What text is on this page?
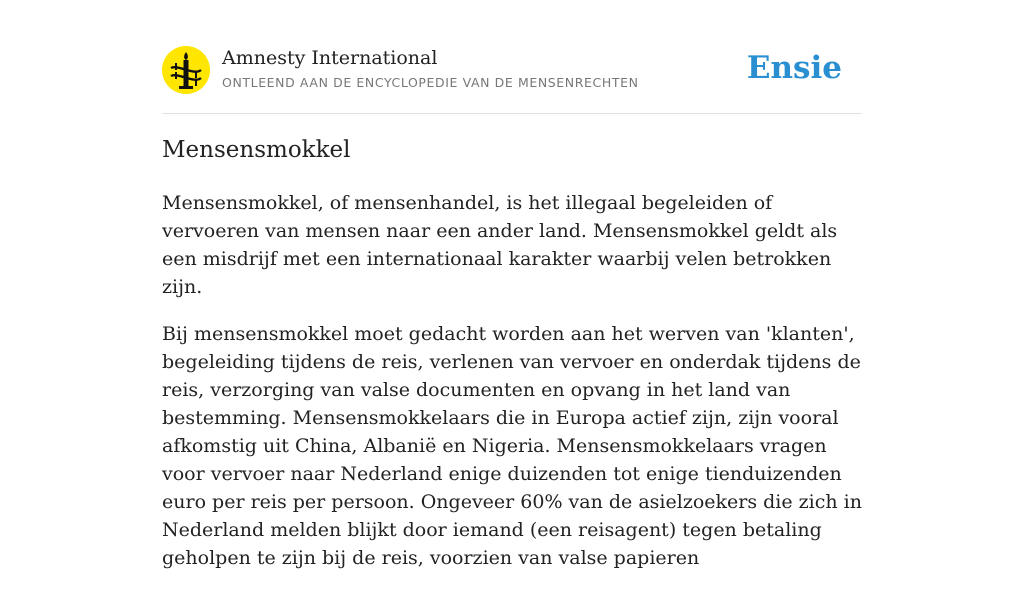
Amnesty International
ONTLEEND AAN DE ENCYCLOPEDIE VAN DE MENSENRECHTEN	Ensie
Mensensmokkel

Mensensmokkel, of mensenhandel, is het illegaal begeleiden of vervoeren van mensen naar een ander land. Mensensmokkel geldt als een misdrijf met een internationaal karakter waarbij velen betrokken zijn.

Bij mensensmokkel moet gedacht worden aan het werven van 'klanten', begeleiding tijdens de reis, verlenen van vervoer en onderdak tijdens de reis, verzorging van valse documenten en opvang in het land van bestemming. Mensensmokkelaars die in Europa actief zijn, zijn vooral afkomstig uit China, Albanië en Nigeria. Mensensmokkelaars vragen voor vervoer naar Nederland enige duizenden tot enige tienduizenden euro per reis per persoon. Ongeveer 60% van de asielzoekers die zich in Nederland melden blijkt door iemand (een reisagent) tegen betaling geholpen te zijn bij de reis, voorzien van valse papieren
